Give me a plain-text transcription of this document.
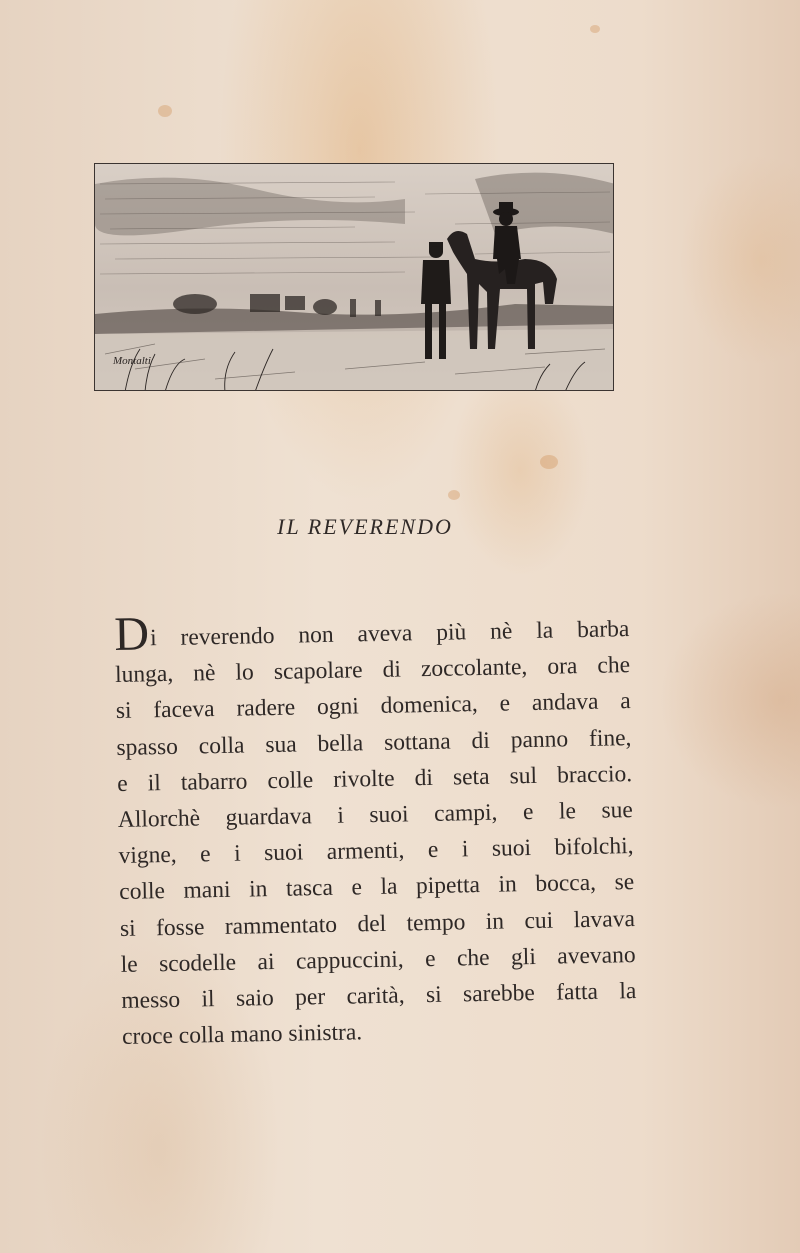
Montalti
IL REVERENDO
Di reverendo non aveva più nè la barba
lunga, nè lo scapolare di zoccolante, ora che
si faceva radere ogni domenica, e andava a
spasso colla sua bella sottana di panno fine,
e il tabarro colle rivolte di seta sul braccio.
Allorchè guardava i suoi campi, e le sue
vigne, e i suoi armenti, e i suoi bifolchi,
colle mani in tasca e la pipetta in bocca, se
si fosse rammentato del tempo in cui lavava
le scodelle ai cappuccini, e che gli avevano
messo il saio per carità, si sarebbe fatta la
croce colla mano sinistra.
